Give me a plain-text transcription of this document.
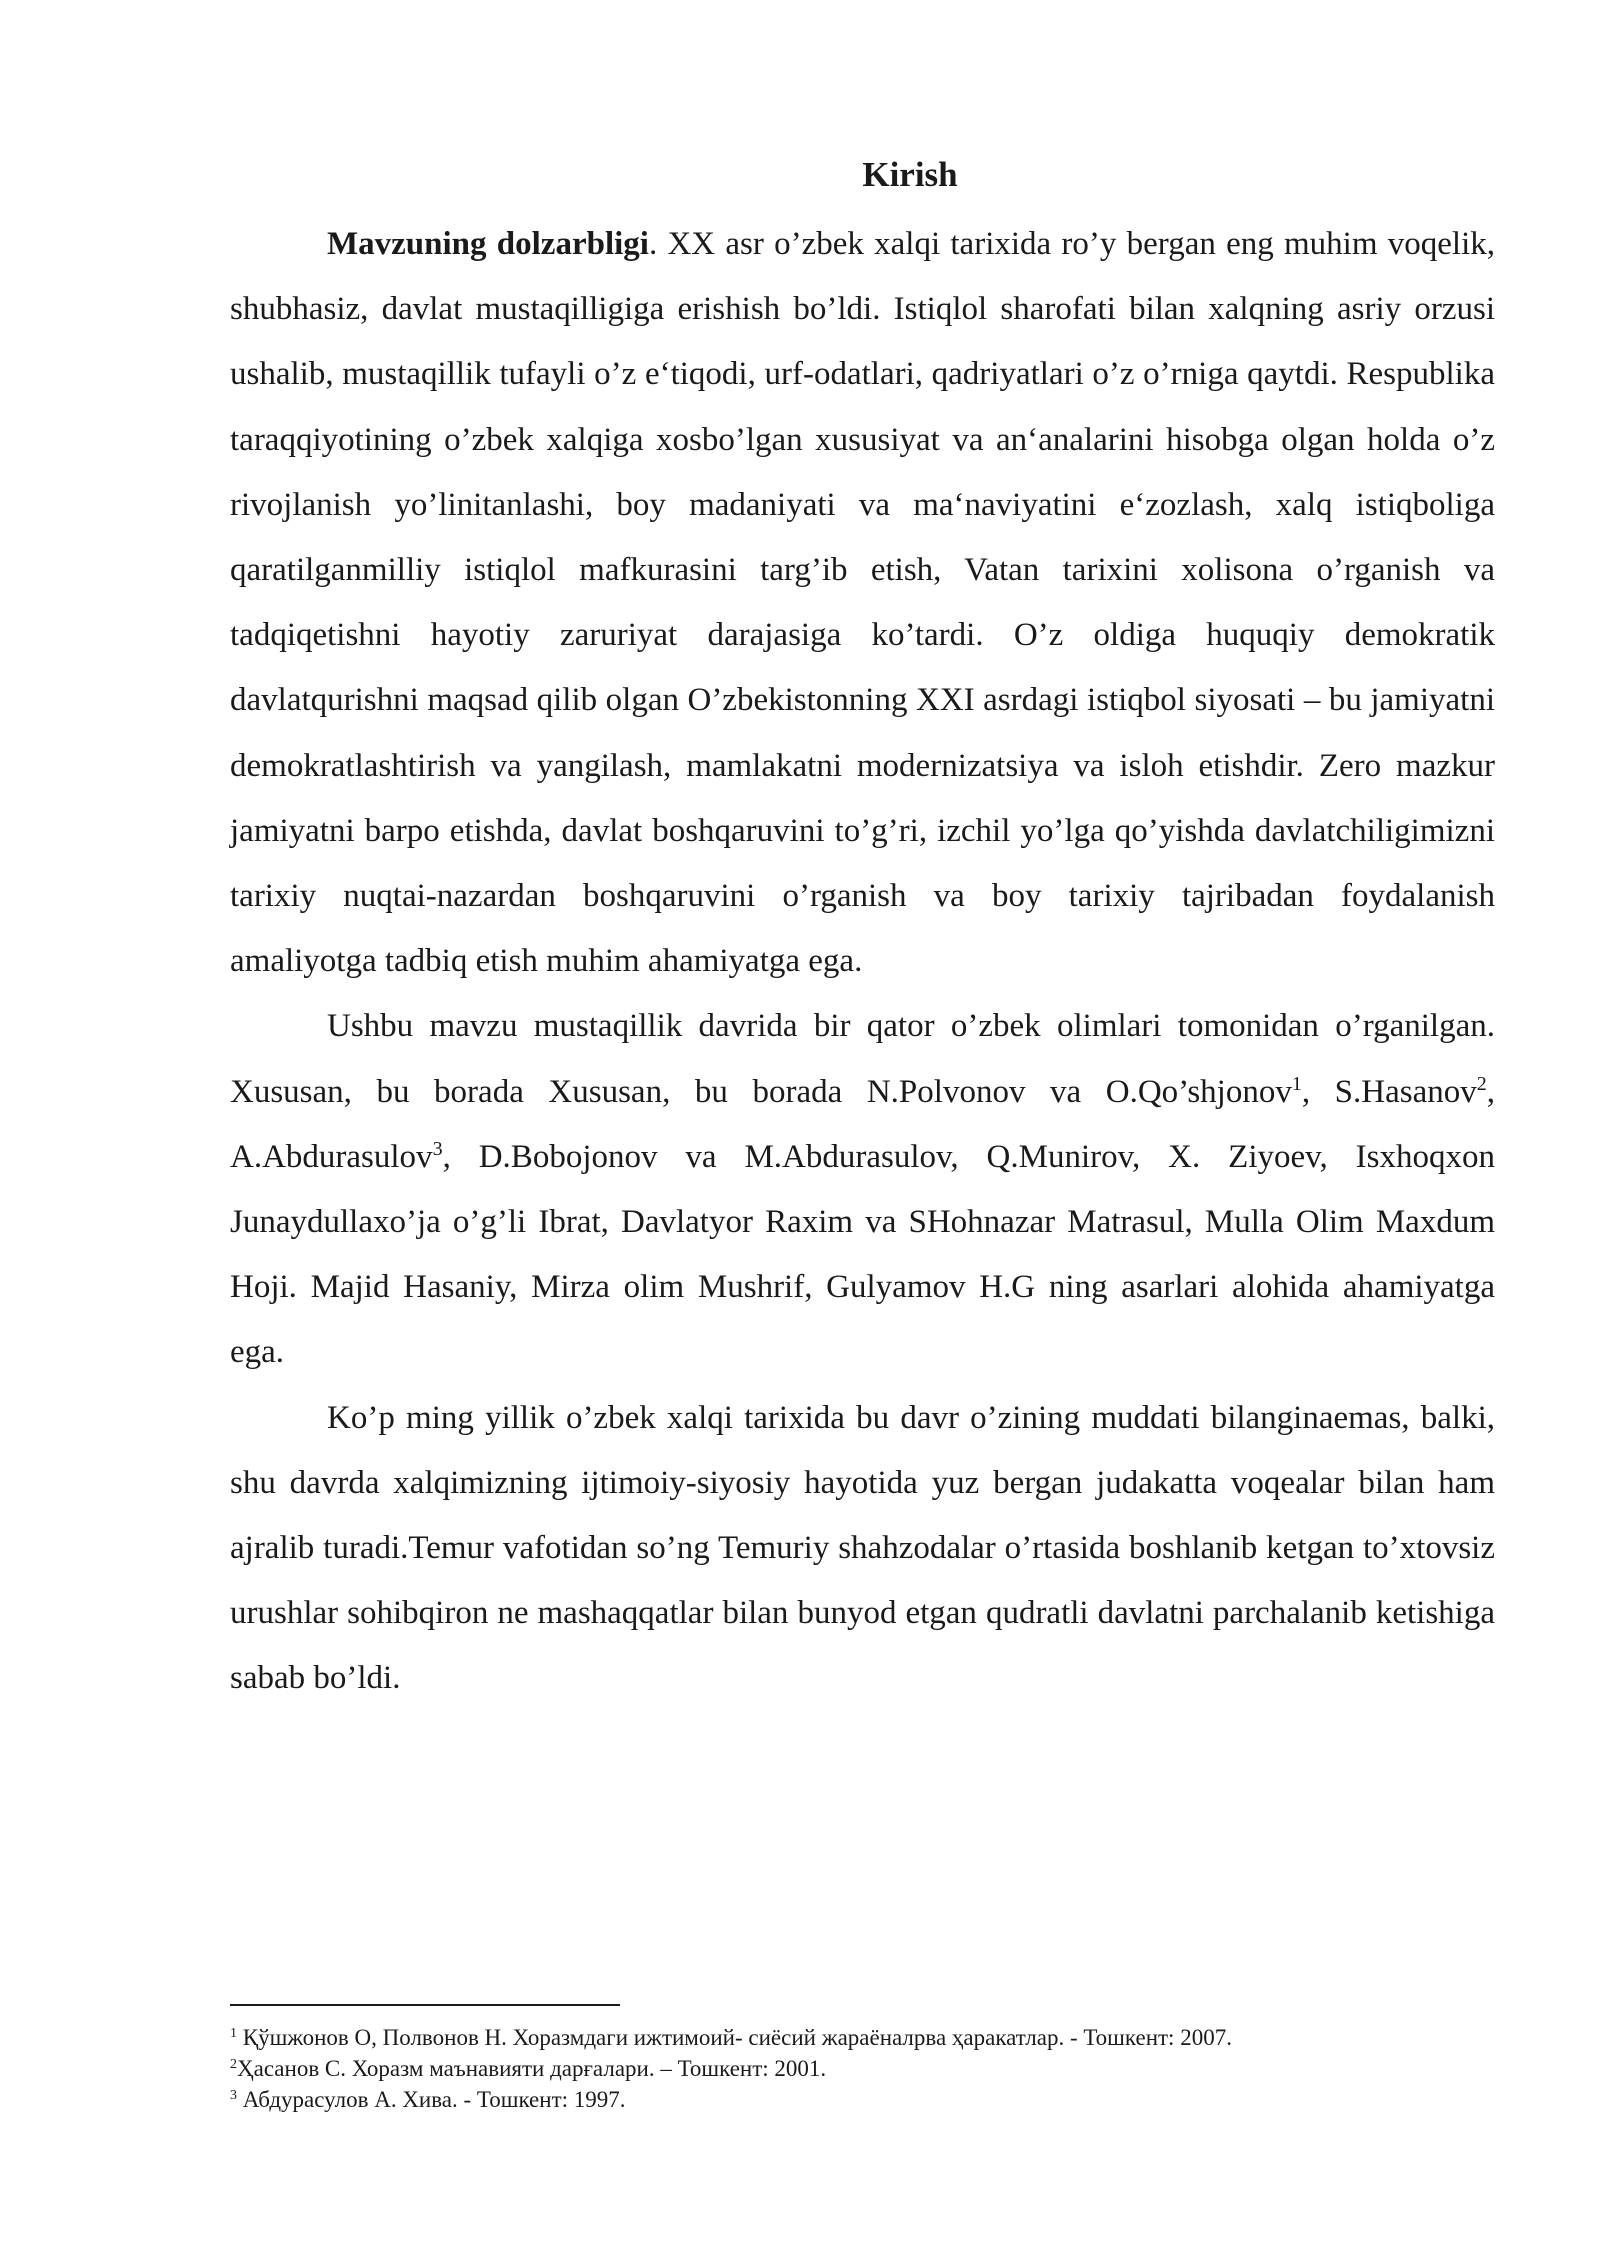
Kirish

Mavzuning dolzarbligi. XX asr o’zbek xalqi tarixida ro’y bergan eng muhim voqelik, shubhasiz, davlat mustaqilligiga erishish bo’ldi. Istiqlol sharofati bilan xalqning asriy orzusi ushalib, mustaqillik tufayli o’z e‘tiqodi, urf-odatlari, qadriyatlari o’z o’rniga qaytdi. Respublika taraqqiyotining o’zbek xalqiga xosbo’lgan xususiyat va an‘analarini hisobga olgan holda o’z rivojlanish yo’linitanlashi, boy madaniyati va ma‘naviyatini e‘zozlash, xalq istiqboliga qaratilganmilliy istiqlol mafkurasini targ’ib etish, Vatan tarixini xolisona o’rganish va tadqiqetishni hayotiy zaruriyat darajasiga ko’tardi. O’z oldiga huquqiy demokratik davlatqurishni maqsad qilib olgan O’zbekistonning XXI asrdagi istiqbol siyosati – bu jamiyatni demokratlashtirish va yangilash, mamlakatni modernizatsiya va isloh etishdir. Zero mazkur jamiyatni barpo etishda, davlat boshqaruvini to’g’ri, izchil yo’lga qo’yishda davlatchiligimizni tarixiy nuqtai-nazardan boshqaruvini o’rganish va boy tarixiy tajribadan foydalanish amaliyotga tadbiq etish muhim ahamiyatga ega.

Ushbu mavzu mustaqillik davrida bir qator o’zbek olimlari tomonidan o’rganilgan. Xususan, bu borada Xususan, bu borada N.Polvonov va O.Qo’shjonov$^1$, S.Hasanov$^2$, A.Abdurasulov$^3$, D.Bobojonov va M.Abdurasulov, Q.Munirov, X. Ziyoev, Isxhoqxon Junaydullaxo’ja o’g’li Ibrat, Davlatyor Raxim va SHohnazar Matrasul, Mulla Olim Maxdum Hoji. Majid Hasaniy, Mirza olim Mushrif, Gulyamov H.G ning asarlari alohida ahamiyatga ega.

Ko’p ming yillik o’zbek xalqi tarixida bu davr o’zining muddati bilanginaemas, balki, shu davrda xalqimizning ijtimoiy-siyosiy hayotida yuz bergan judakatta voqealar bilan ham ajralib turadi.Temur vafotidan so’ng Temuriy shahzodalar o’rtasida boshlanib ketgan to’xtovsiz urushlar sohibqiron ne mashaqqatlar bilan bunyod etgan qudratli davlatni parchalanib ketishiga sabab bo’ldi.

$^1$ Қўшжонов О, Полвонов Н. Хоразмдаги ижтимоий- сиёсий жараёналрва ҳаракатлар. - Тошкент: 2007.
$^2$Ҳасанов С. Хоразм маънавияти дарғалари. – Тошкент: 2001.
$^3$ Абдурасулов А. Хива. - Тошкент: 1997.
